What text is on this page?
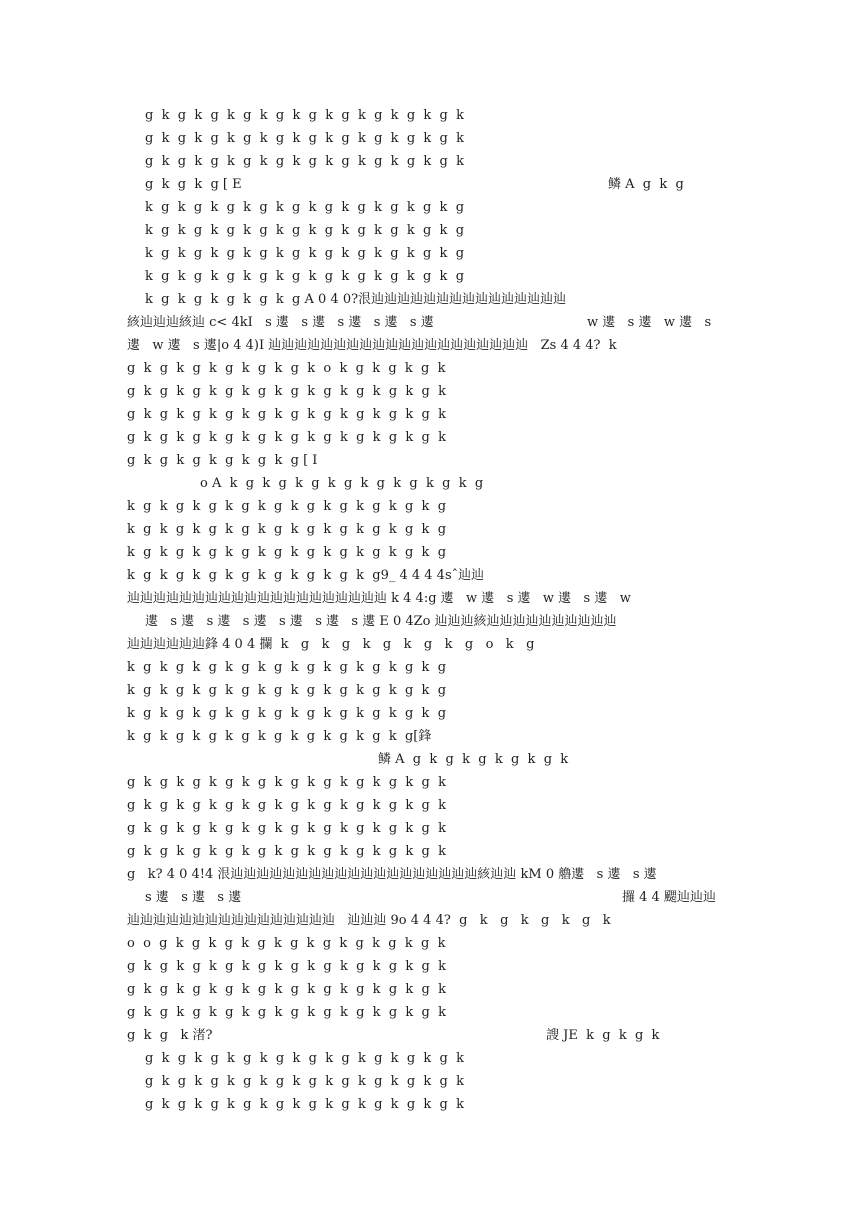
g  k  g  k  g  k  g  k  g  k  g  k  g  k  g  k  g  k  g  k
g  k  g  k  g  k  g  k  g  k  g  k  g  k  g  k  g  k  g  k
g  k  g  k  g  k  g  k  g  k  g  k  g  k  g  k  g  k  g  k
g  k  g  k  g [ E	鳞 A  g  k  g
k  g  k  g  k  g  k  g  k  g  k  g  k  g  k  g  k  g  k  g
k  g  k  g  k  g  k  g  k  g  k  g  k  g  k  g  k  g  k  g
k  g  k  g  k  g  k  g  k  g  k  g  k  g  k  g  k  g  k  g
k  g  k  g  k  g  k  g  k  g  k  g  k  g  k  g  k  g  k  g
k  g  k  g  k  g  k  g  k  g A 0 4 0?泿辿辿辿辿辿辿辿辿辿辿辿辿辿辿辿
絯辿辿辿絯辿 c< 4kI   s 遱   s 遱   s 遱   s 遱   s 遱	w 遱   s 遱   w 遱   s
遱   w 遱   s 遱|o 4 4)I 辿辿辿辿辿辿辿辿辿辿辿辿辿辿辿辿辿辿辿辿   Zs 4 4 4?  k
g  k  g  k  g  k  g  k  g  k  g  k  o  k  g  k  g  k  g  k
g  k  g  k  g  k  g  k  g  k  g  k  g  k  g  k  g  k  g  k
g  k  g  k  g  k  g  k  g  k  g  k  g  k  g  k  g  k  g  k
g  k  g  k  g  k  g  k  g  k  g  k  g  k  g  k  g  k  g  k
g  k  g  k  g  k  g  k  g  k  g [ I
o A  k  g  k  g  k  g  k  g  k  g  k  g  k  g  k  g
k  g  k  g  k  g  k  g  k  g  k  g  k  g  k  g  k  g  k  g
k  g  k  g  k  g  k  g  k  g  k  g  k  g  k  g  k  g  k  g
k  g  k  g  k  g  k  g  k  g  k  g  k  g  k  g  k  g  k  g
k  g  k  g  k  g  k  g  k  g  k  g  k  g  k  g9_ 4 4 4 4sˆ辿辿
辿辿辿辿辿辿辿辿辿辿辿辿辿辿辿辿辿辿辿辿 k 4 4:g 遱   w 遱   s 遱   w 遱   s 遱   w
遱   s 遱   s 遱   s 遱   s 遱   s 遱   s 遱 E 0 4Zo 辿辿辿絯辿辿辿辿辿辿辿辿辿辿
辿辿辿辿辿辿鋒 4 0 4 攔  k   g   k   g   k   g   k   g   k   g   o   k   g
k  g  k  g  k  g  k  g  k  g  k  g  k  g  k  g  k  g  k  g
k  g  k  g  k  g  k  g  k  g  k  g  k  g  k  g  k  g  k  g
k  g  k  g  k  g  k  g  k  g  k  g  k  g  k  g  k  g  k  g
k  g  k  g  k  g  k  g  k  g  k  g  k  g  k  g  k  g[鋒
鳞 A  g  k  g  k  g  k  g  k  g  k
g  k  g  k  g  k  g  k  g  k  g  k  g  k  g  k  g  k  g  k
g  k  g  k  g  k  g  k  g  k  g  k  g  k  g  k  g  k  g  k
g  k  g  k  g  k  g  k  g  k  g  k  g  k  g  k  g  k  g  k
g  k  g  k  g  k  g  k  g  k  g  k  g  k  g  k  g  k  g  k
g   k? 4 0 4!4 泿辿辿辿辿辿辿辿辿辿辿辿辿辿辿辿辿辿辿辿絯辿辿 kM 0 艪遱   s 遱   s 遱
s 遱   s 遱   s 遱	攞 4 4 颸辿辿辿
辿辿辿辿辿辿辿辿辿辿辿辿辿辿辿辿   辿辿辿 9o 4 4 4?  g   k   g   k   g   k   g   k
o  o  g  k  g  k  g  k  g  k  g  k  g  k  g  k  g  k  g  k
g  k  g  k  g  k  g  k  g  k  g  k  g  k  g  k  g  k  g  k
g  k  g  k  g  k  g  k  g  k  g  k  g  k  g  k  g  k  g  k
g  k  g  k  g  k  g  k  g  k  g  k  g  k  g  k  g  k  g  k
g  k  g   k 渚?	謏 JE  k  g  k  g  k
g  k  g  k  g  k  g  k  g  k  g  k  g  k  g  k  g  k  g  k
g  k  g  k  g  k  g  k  g  k  g  k  g  k  g  k  g  k  g  k
g  k  g  k  g  k  g  k  g  k  g  k  g  k  g  k  g  k  g  k
